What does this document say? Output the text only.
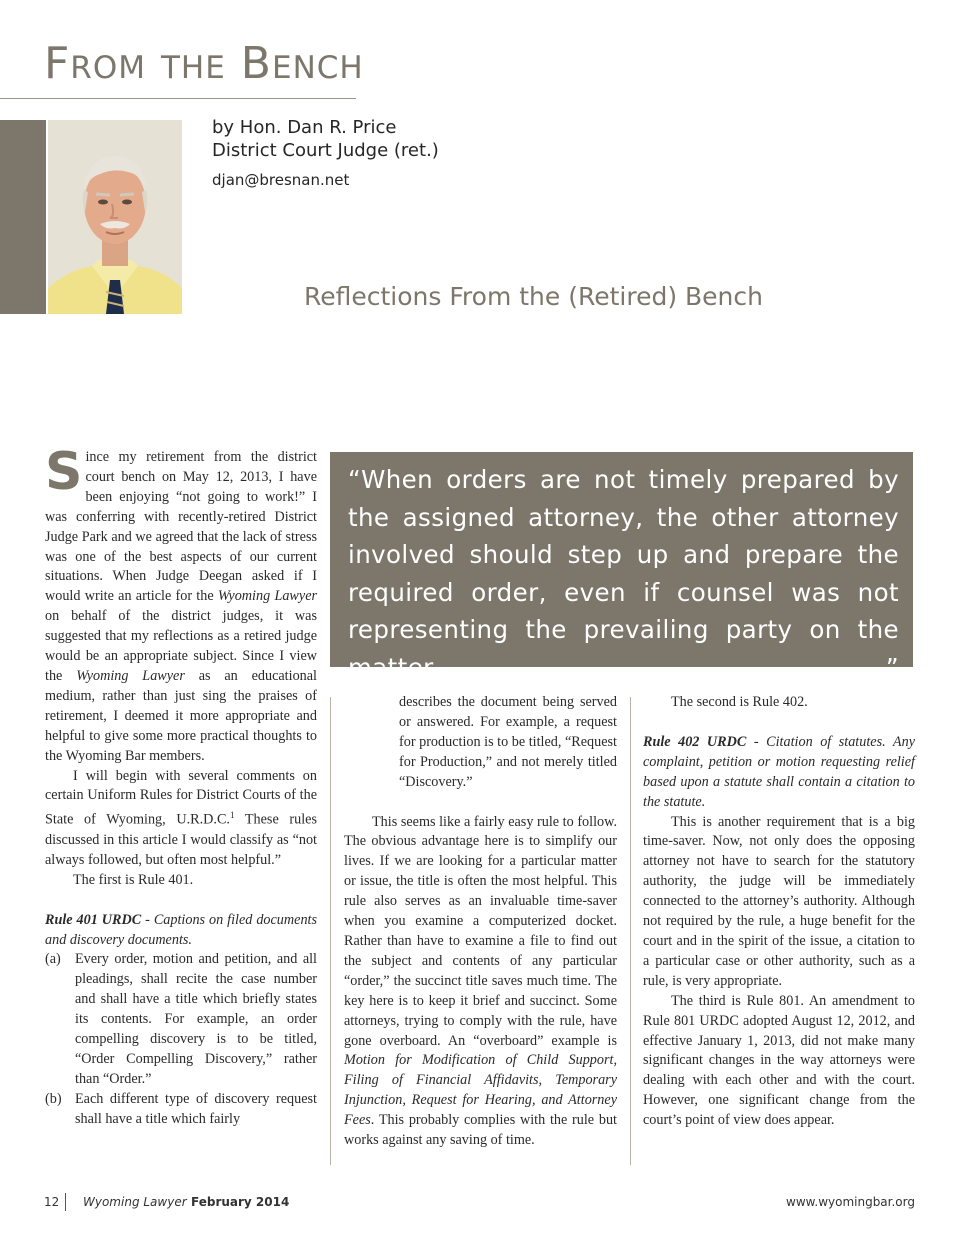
From the Bench
by Hon. Dan R. Price
District Court Judge (ret.)
djan@bresnan.net
Reflections From the (Retired) Bench
“When orders are not timely prepared by the assigned attorney, the other attorney involved should step up and prepare the required order, even if counsel was not representing the prevailing party on the matter. ”

Since my retirement from the district court bench on May 12, 2013, I have been enjoying “not going to work!” I was conferring with recently-retired District Judge Park and we agreed that the lack of stress was one of the best aspects of our current situations. When Judge Deegan asked if I would write an article for the Wyoming Lawyer on behalf of the district judges, it was suggested that my reflections as a retired judge would be an appropriate subject. Since I view the Wyoming Lawyer as an educational medium, rather than just sing the praises of retirement, I deemed it more appropriate and helpful to give some more practical thoughts to the Wyoming Bar members.

I will begin with several comments on certain Uniform Rules for District Courts of the State of Wyoming, U.R.D.C.$^1$ These rules discussed in this article I would classify as “not always followed, but often most helpful.”

The first is Rule 401.

Rule 401 URDC - Captions on filed documents and discovery documents.

(a)	Every order, motion and petition, and all pleadings, shall recite the case number and shall have a title which briefly states its contents. For example, an order compelling discovery is to be titled, “Order Compelling Discovery,” rather than “Order.”
(b) Each different type of discovery request shall have a title which fairly

describes the document being served or answered. For example, a request for production is to be titled, “Request for Production,” and not merely titled “Discovery.”

This seems like a fairly easy rule to follow. The obvious advantage here is to simplify our lives. If we are looking for a particular matter or issue, the title is often the most helpful. This rule also serves as an invaluable time-saver when you examine a computerized docket. Rather than have to examine a file to find out the subject and contents of any particular “order,” the succinct title saves much time. The key here is to keep it brief and succinct. Some attorneys, trying to comply with the rule, have gone overboard. An “overboard” example is Motion for Modification of Child Support, Filing of Financial Affidavits, Temporary Injunction, Request for Hearing, and Attorney Fees. This probably complies with the rule but works against any saving of time.

The second is Rule 402.

Rule 402 URDC - Citation of statutes. Any complaint, petition or motion requesting relief based upon a statute shall contain a citation to the statute.

This is another requirement that is a big time-saver. Now, not only does the opposing attorney not have to search for the statutory authority, the judge will be immediately connected to the attorney’s authority. Although not required by the rule, a huge benefit for the court and in the spirit of the issue, a citation to a particular case or other authority, such as a rule, is very appropriate.

The third is Rule 801. An amendment to Rule 801 URDC adopted August 12, 2012, and effective January 1, 2013, did not make many significant changes in the way attorneys were dealing with each other and with the court. However, one significant change from the court’s point of view does appear.

12 Wyoming Lawyer February 2014	www.wyomingbar.org
